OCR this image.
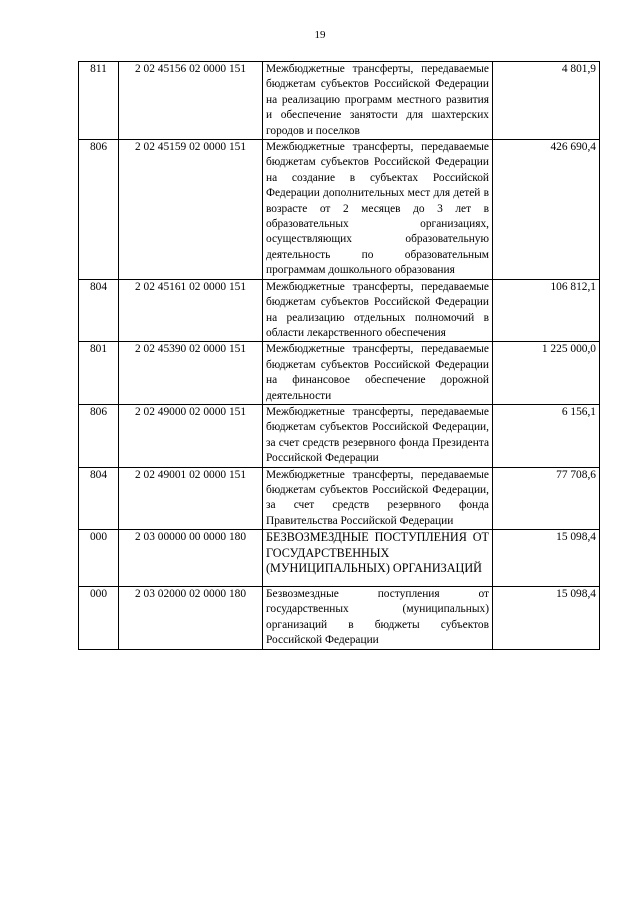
19
811	2 02 45156 02 0000 151	Межбюджетные трансферты, передаваемые бюджетам субъектов Российской Федерации на реализацию программ местного развития и обеспечение занятости для шахтерских городов и поселков	4 801,9
806	2 02 45159 02 0000 151	Межбюджетные трансферты, передаваемые бюджетам субъектов Российской Федерации на создание в субъектах Российской Федерации дополнительных мест для детей в возрасте от 2 месяцев до 3 лет в образовательных организациях, осуществляющих образовательную деятельность по образовательным программам дошкольного образования	426 690,4
804	2 02 45161 02 0000 151	Межбюджетные трансферты, передаваемые бюджетам субъектов Российской Федерации на реализацию отдельных полномочий в области лекарственного обеспечения	106 812,1
801	2 02 45390 02 0000 151	Межбюджетные трансферты, передаваемые бюджетам субъектов Российской Федерации на финансовое обеспечение дорожной деятельности	1 225 000,0
806	2 02 49000 02 0000 151	Межбюджетные трансферты, передаваемые бюджетам субъектов Российской Федерации, за счет средств резервного фонда Президента Российской Федерации	6 156,1
804	2 02 49001 02 0000 151	Межбюджетные трансферты, передаваемые бюджетам субъектов Российской Федерации, за счет средств резервного фонда Правительства Российской Федерации	77 708,6
000	2 03 00000 00 0000 180	БЕЗВОЗМЕЗДНЫЕ ПОСТУПЛЕНИЯ ОТ ГОСУДАРСТВЕННЫХ (МУНИЦИПАЛЬНЫХ) ОРГАНИЗАЦИЙ	15 098,4
000	2 03 02000 02 0000 180	Безвозмездные поступления от государственных (муниципальных) организаций в бюджеты субъектов Российской Федерации	15 098,4
